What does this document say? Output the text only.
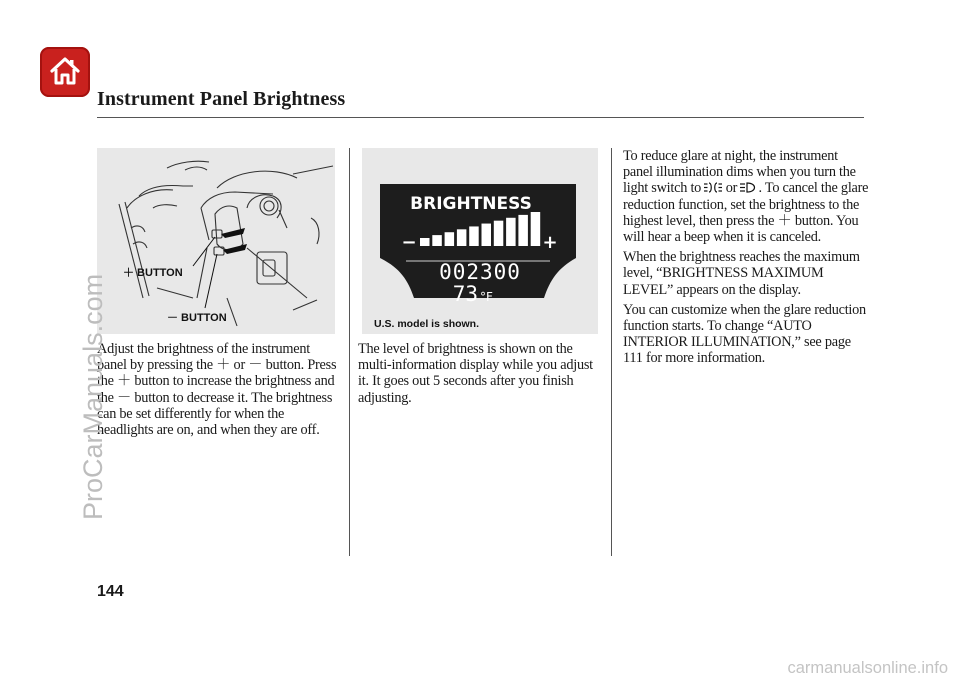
Instrument Panel Brightness
＋ BUTTON
－ BUTTON
BRIGHTNESS
−	+
002300
73 °F
U.S. model is shown.

Adjust the brightness of the instrument panel by pressing the ＋ or － button. Press the ＋ button to increase the brightness and the － button to decrease it. The brightness can be set differently for when the headlights are on, and when they are off.

The level of brightness is shown on the multi-information display while you adjust it. It goes out 5 seconds after you finish adjusting.

To reduce glare at night, the instrument panel illumination dims when you turn the light switch to  or . To cancel the glare reduction function, set the brightness to the highest level, then press the ＋ button. You will hear a beep when it is canceled.

When the brightness reaches the maximum level, “BRIGHTNESS MAXIMUM LEVEL” appears on the display.

You can customize when the glare reduction function starts. To change “AUTO INTERIOR ILLUMINATION,” see page 111 for more information.

144

ProCarManuals.com

carmanualsonline.info
